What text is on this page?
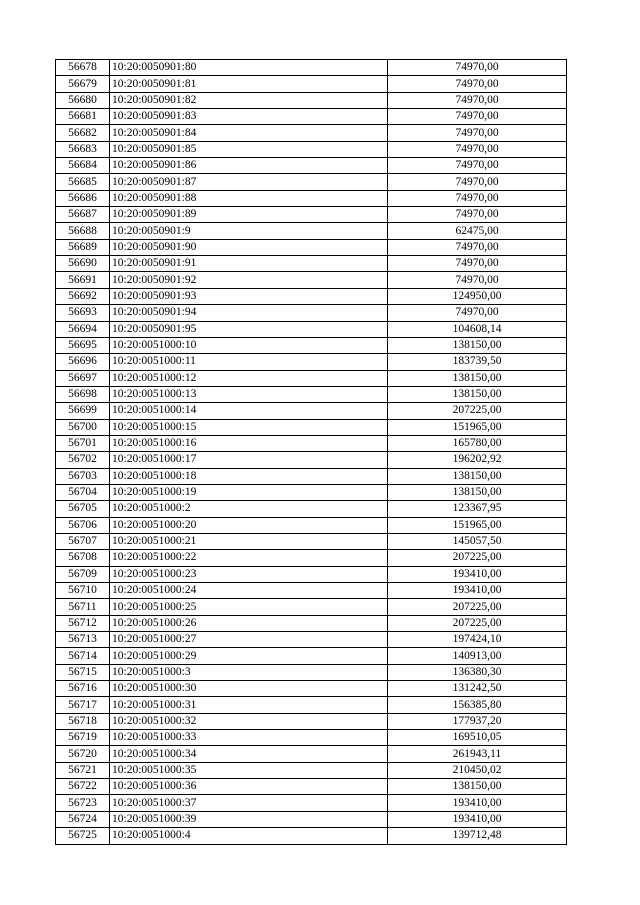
56678	10:20:0050901:80	74970,00
56679	10:20:0050901:81	74970,00
56680	10:20:0050901:82	74970,00
56681	10:20:0050901:83	74970,00
56682	10:20:0050901:84	74970,00
56683	10:20:0050901:85	74970,00
56684	10:20:0050901:86	74970,00
56685	10:20:0050901:87	74970,00
56686	10:20:0050901:88	74970,00
56687	10:20:0050901:89	74970,00
56688	10:20:0050901:9	62475,00
56689	10:20:0050901:90	74970,00
56690	10:20:0050901:91	74970,00
56691	10:20:0050901:92	74970,00
56692	10:20:0050901:93	124950,00
56693	10:20:0050901:94	74970,00
56694	10:20:0050901:95	104608,14
56695	10:20:0051000:10	138150,00
56696	10:20:0051000:11	183739,50
56697	10:20:0051000:12	138150,00
56698	10:20:0051000:13	138150,00
56699	10:20:0051000:14	207225,00
56700	10:20:0051000:15	151965,00
56701	10:20:0051000:16	165780,00
56702	10:20:0051000:17	196202,92
56703	10:20:0051000:18	138150,00
56704	10:20:0051000:19	138150,00
56705	10:20:0051000:2	123367,95
56706	10:20:0051000:20	151965,00
56707	10:20:0051000:21	145057,50
56708	10:20:0051000:22	207225,00
56709	10:20:0051000:23	193410,00
56710	10:20:0051000:24	193410,00
56711	10:20:0051000:25	207225,00
56712	10:20:0051000:26	207225,00
56713	10:20:0051000:27	197424,10
56714	10:20:0051000:29	140913,00
56715	10:20:0051000:3	136380,30
56716	10:20:0051000:30	131242,50
56717	10:20:0051000:31	156385,80
56718	10:20:0051000:32	177937,20
56719	10:20:0051000:33	169510,05
56720	10:20:0051000:34	261943,11
56721	10:20:0051000:35	210450,02
56722	10:20:0051000:36	138150,00
56723	10:20:0051000:37	193410,00
56724	10:20:0051000:39	193410,00
56725	10:20:0051000:4	139712,48
